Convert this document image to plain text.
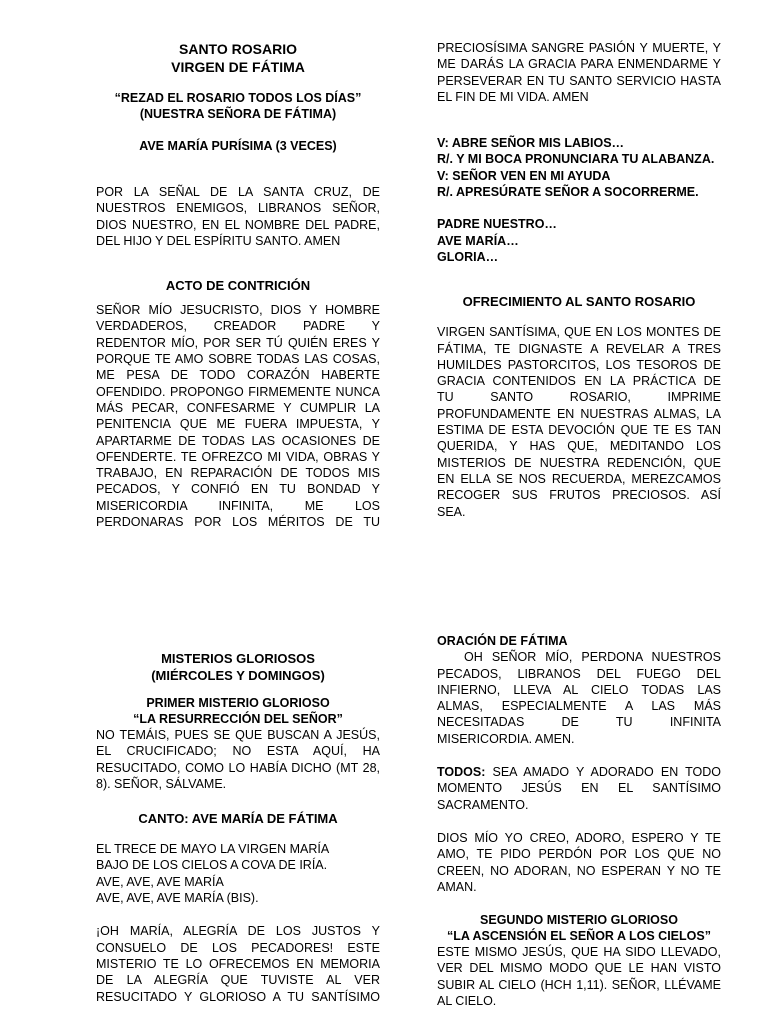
SANTO ROSARIO
VIRGEN DE FÁTIMA
“REZAD EL ROSARIO TODOS LOS DÍAS”
(NUESTRA SEÑORA DE FÁTIMA)
AVE MARÍA PURÍSIMA (3 VECES)
POR LA SEÑAL DE LA SANTA CRUZ, DE
NUESTROS ENEMIGOS, LIBRANOS SEÑOR,
DIOS NUESTRO, EN EL NOMBRE DEL PADRE,
DEL HIJO Y DEL ESPÍRITU SANTO. AMEN
ACTO DE CONTRICIÓN
SEÑOR MÍO JESUCRISTO, DIOS Y HOMBRE
VERDADEROS, CREADOR PADRE Y
REDENTOR MÍO, POR SER TÚ QUIÉN ERES Y
PORQUE TE AMO SOBRE TODAS LAS COSAS,
ME PESA DE TODO CORAZÓN HABERTE
OFENDIDO. PROPONGO FIRMEMENTE NUNCA
MÁS PECAR, CONFESARME Y CUMPLIR LA
PENITENCIA QUE ME FUERA IMPUESTA, Y
APARTARME DE TODAS LAS OCASIONES DE
OFENDERTE. TE OFREZCO MI VIDA, OBRAS Y
TRABAJO, EN REPARACIÓN DE TODOS MIS
PECADOS, Y CONFIÓ EN TU BONDAD Y
MISERICORDIA INFINITA, ME LOS
PERDONARAS POR LOS MÉRITOS DE TU
PRECIOSÍSIMA SANGRE PASIÓN Y MUERTE, Y
ME DARÁS LA GRACIA PARA ENMENDARME Y
PERSEVERAR EN TU SANTO SERVICIO HASTA
EL FIN DE MI VIDA. AMEN
V: ABRE SEÑOR MIS LABIOS…
R/. Y MI BOCA PRONUNCIARA TU ALABANZA.
V: SEÑOR VEN EN MI AYUDA
R/. APRESÚRATE SEÑOR A SOCORRERME.
PADRE NUESTRO…
AVE MARÍA…
GLORIA…
OFRECIMIENTO AL SANTO ROSARIO
VIRGEN SANTÍSIMA, QUE EN LOS MONTES DE
FÁTIMA, TE DIGNASTE A REVELAR A TRES
HUMILDES PASTORCITOS, LOS TESOROS DE
GRACIA CONTENIDOS EN LA PRÁCTICA DE
TU SANTO ROSARIO, IMPRIME
PROFUNDAMENTE EN NUESTRAS ALMAS, LA
ESTIMA DE ESTA DEVOCIÓN QUE TE ES TAN
QUERIDA, Y HAS QUE, MEDITANDO LOS
MISTERIOS DE NUESTRA REDENCIÓN, QUE
EN ELLA SE NOS RECUERDA, MEREZCAMOS
RECOGER SUS FRUTOS PRECIOSOS. ASÍ
SEA.
MISTERIOS GLORIOSOS
(MIÉRCOLES Y DOMINGOS)
PRIMER MISTERIO GLORIOSO
“LA RESURRECCIÓN DEL SEÑOR”
NO TEMÁIS, PUES SE QUE BUSCAN A JESÚS,
EL CRUCIFICADO; NO ESTA AQUÍ, HA
RESUCITADO, COMO LO HABÍA DICHO (MT 28,
8). SEÑOR, SÁLVAME.
CANTO: AVE MARÍA DE FÁTIMA
EL TRECE DE MAYO LA VIRGEN MARÍA
BAJO DE LOS CIELOS A COVA DE IRÍA.
AVE, AVE, AVE MARÍA
AVE, AVE, AVE MARÍA (BIS).
¡OH MARÍA, ALEGRÍA DE LOS JUSTOS Y
CONSUELO DE LOS PECADORES! ESTE
MISTERIO TE LO OFRECEMOS EN MEMORIA
DE LA ALEGRÍA QUE TUVISTE AL VER
RESUCITADO Y GLORIOSO A TU SANTÍSIMO
ORACIÓN DE FÁTIMA
OH SEÑOR MÍO, PERDONA NUESTROS
PECADOS, LIBRANOS DEL FUEGO DEL
INFIERNO, LLEVA AL CIELO TODAS LAS
ALMAS, ESPECIALMENTE A LAS MÁS
NECESITADAS DE TU INFINITA
MISERICORDIA. AMEN.
TODOS: SEA AMADO Y ADORADO EN TODO
MOMENTO JESÚS EN EL SANTÍSIMO
SACRAMENTO.
DIOS MÍO YO CREO, ADORO, ESPERO Y TE
AMO, TE PIDO PERDÓN POR LOS QUE NO
CREEN, NO ADORAN, NO ESPERAN Y NO TE
AMAN.
SEGUNDO MISTERIO GLORIOSO
“LA ASCENSIÓN EL SEÑOR A LOS CIELOS”
ESTE MISMO JESÚS, QUE HA SIDO LLEVADO,
VER DEL MISMO MODO QUE LE HAN VISTO
SUBIR AL CIELO (HCH 1,11). SEÑOR, LLÉVAME
AL CIELO.
